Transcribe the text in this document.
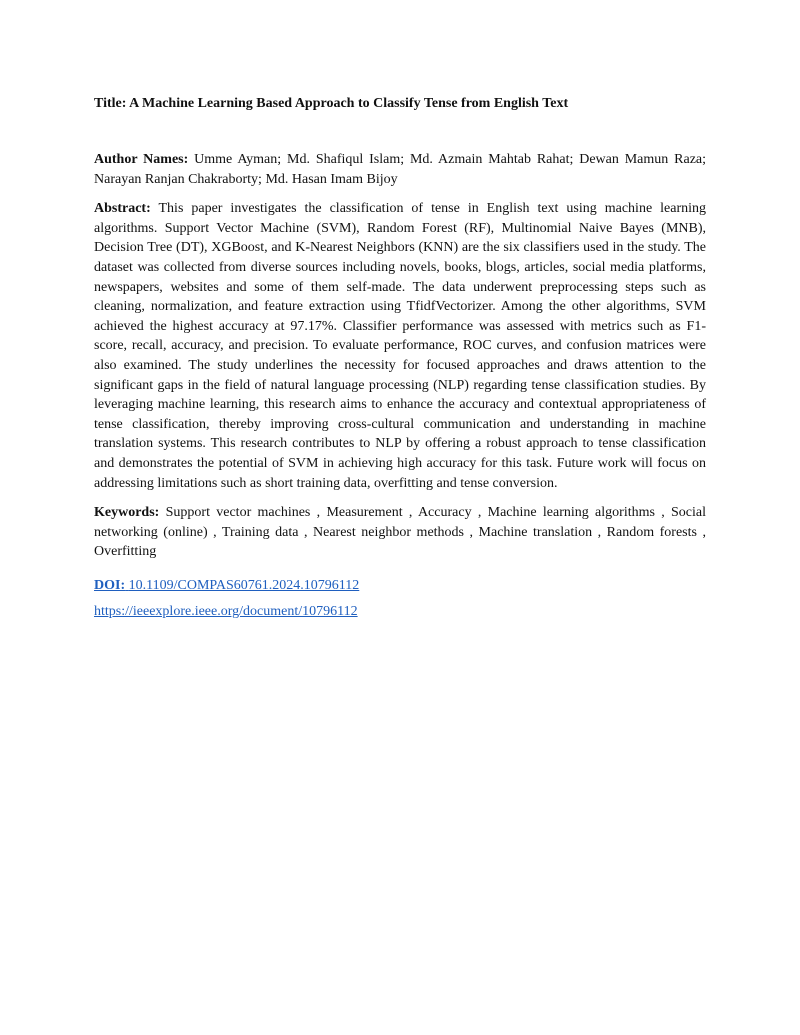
Title: A Machine Learning Based Approach to Classify Tense from English Text

Author Names: Umme Ayman; Md. Shafiqul Islam; Md. Azmain Mahtab Rahat; Dewan Mamun Raza; Narayan Ranjan Chakraborty; Md. Hasan Imam Bijoy

Abstract: This paper investigates the classification of tense in English text using machine learning algorithms. Support Vector Machine (SVM), Random Forest (RF), Multinomial Naive Bayes (MNB), Decision Tree (DT), XGBoost, and K-Nearest Neighbors (KNN) are the six classifiers used in the study. The dataset was collected from diverse sources including novels, books, blogs, articles, social media platforms, newspapers, websites and some of them self-made. The data underwent preprocessing steps such as cleaning, normalization, and feature extraction using TfidfVectorizer. Among the other algorithms, SVM achieved the highest accuracy at 97.17%. Classifier performance was assessed with metrics such as F1-score, recall, accuracy, and precision. To evaluate performance, ROC curves, and confusion matrices were also examined. The study underlines the necessity for focused approaches and draws attention to the significant gaps in the field of natural language processing (NLP) regarding tense classification studies. By leveraging machine learning, this research aims to enhance the accuracy and contextual appropriateness of tense classification, thereby improving cross-cultural communication and understanding in machine translation systems. This research contributes to NLP by offering a robust approach to tense classification and demonstrates the potential of SVM in achieving high accuracy for this task. Future work will focus on addressing limitations such as short training data, overfitting and tense conversion.

Keywords: Support vector machines , Measurement , Accuracy , Machine learning algorithms , Social networking (online) , Training data , Nearest neighbor methods , Machine translation , Random forests , Overfitting

DOI: 10.1109/COMPAS60761.2024.10796112

https://ieeexplore.ieee.org/document/10796112
